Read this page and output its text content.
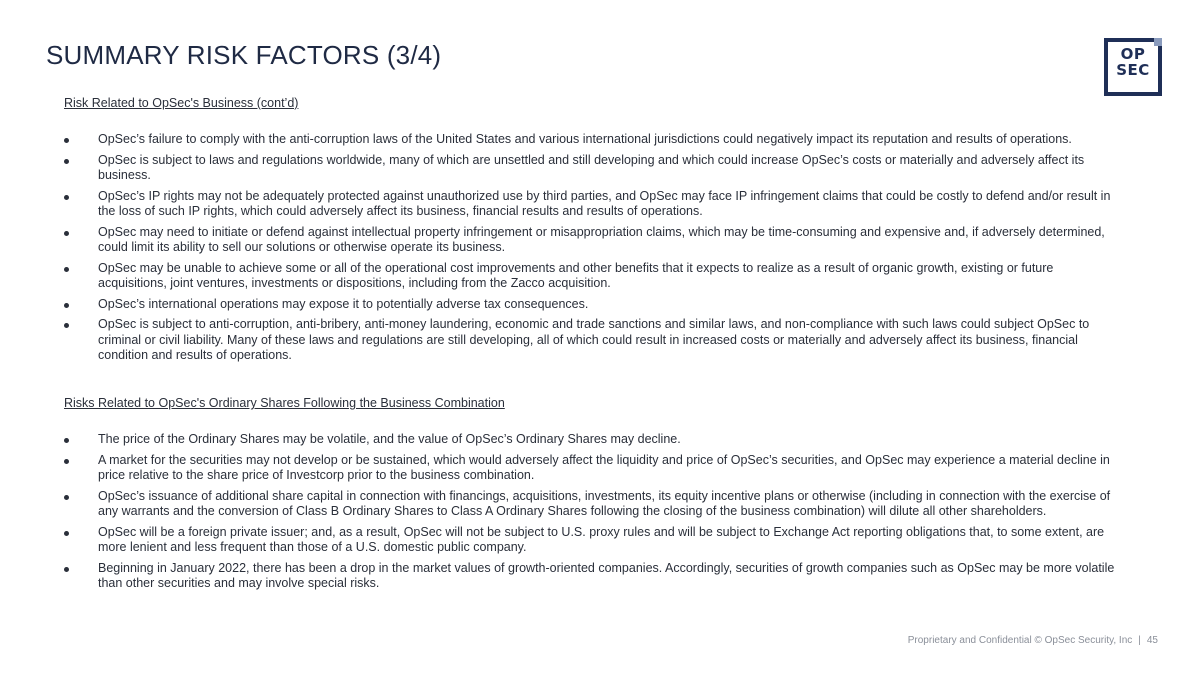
SUMMARY RISK FACTORS (3/4)	OP
SEC

Risk Related to OpSec's Business (cont’d)

OpSec’s failure to comply with the anti-corruption laws of the United States and various international jurisdictions could negatively impact its reputation and results of operations.
OpSec is subject to laws and regulations worldwide, many of which are unsettled and still developing and which could increase OpSec’s costs or materially and adversely affect its business.
OpSec’s IP rights may not be adequately protected against unauthorized use by third parties, and OpSec may face IP infringement claims that could be costly to defend and/or result in the loss of such IP rights, which could adversely affect its business, financial results and results of operations.
OpSec may need to initiate or defend against intellectual property infringement or misappropriation claims, which may be time-consuming and expensive and, if adversely determined, could limit its ability to sell our solutions or otherwise operate its business.
OpSec may be unable to achieve some or all of the operational cost improvements and other benefits that it expects to realize as a result of organic growth, existing or future acquisitions, joint ventures, investments or dispositions, including from the Zacco acquisition.
OpSec’s international operations may expose it to potentially adverse tax consequences.
OpSec is subject to anti-corruption, anti-bribery, anti-money laundering, economic and trade sanctions and similar laws, and non-compliance with such laws could subject OpSec to criminal or civil liability. Many of these laws and regulations are still developing, all of which could result in increased costs or materially and adversely affect its business, financial condition and results of operations.

Risks Related to OpSec's Ordinary Shares Following the Business Combination

The price of the Ordinary Shares may be volatile, and the value of OpSec’s Ordinary Shares may decline.
A market for the securities may not develop or be sustained, which would adversely affect the liquidity and price of OpSec’s securities, and OpSec may experience a material decline in price relative to the share price of Investcorp prior to the business combination.
OpSec’s issuance of additional share capital in connection with financings, acquisitions, investments, its equity incentive plans or otherwise (including in connection with the exercise of any warrants and the conversion of Class B Ordinary Shares to Class A Ordinary Shares following the closing of the business combination) will dilute all other shareholders.
OpSec will be a foreign private issuer; and, as a result, OpSec will not be subject to U.S. proxy rules and will be subject to Exchange Act reporting obligations that, to some extent, are more lenient and less frequent than those of a U.S. domestic public company.
Beginning in January 2022, there has been a drop in the market values of growth-oriented companies. Accordingly, securities of growth companies such as OpSec may be more volatile than other securities and may involve special risks.
Proprietary and Confidential © OpSec Security, Inc | 45
